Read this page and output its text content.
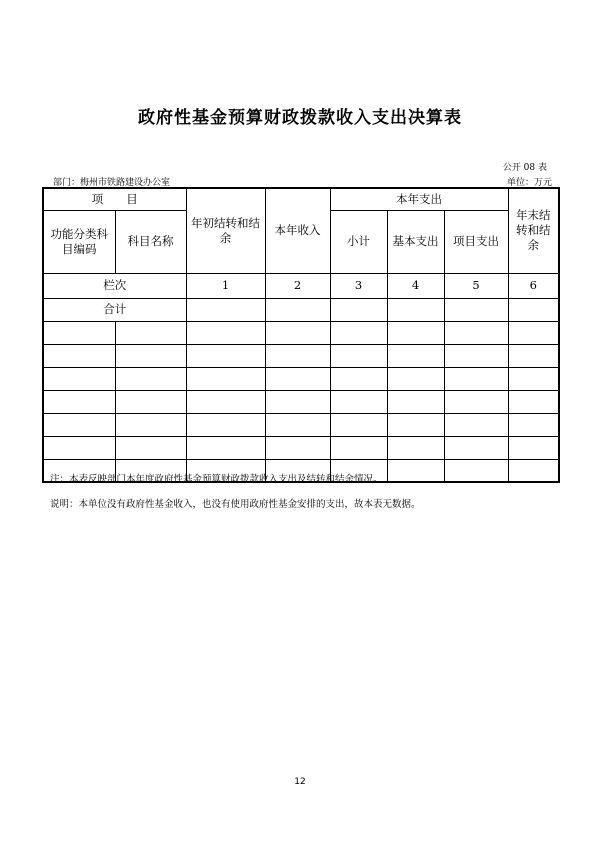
政府性基金预算财政拨款收入支出决算表
公开 08 表
部门：梅州市铁路建设办公室	单位：万元
项　　目		年初结转和结余	本年收入	本年支出			年末结转和结余
功能分类科目编码	科目名称			小计	基本支出	项目支出	
栏次		1	2	3	4	5	6
合计							

注：本表反映部门本年度政府性基金预算财政拨款收入支出及结转和结余情况。
说明：本单位没有政府性基金收入，也没有使用政府性基金安排的支出，故本表无数据。
12
